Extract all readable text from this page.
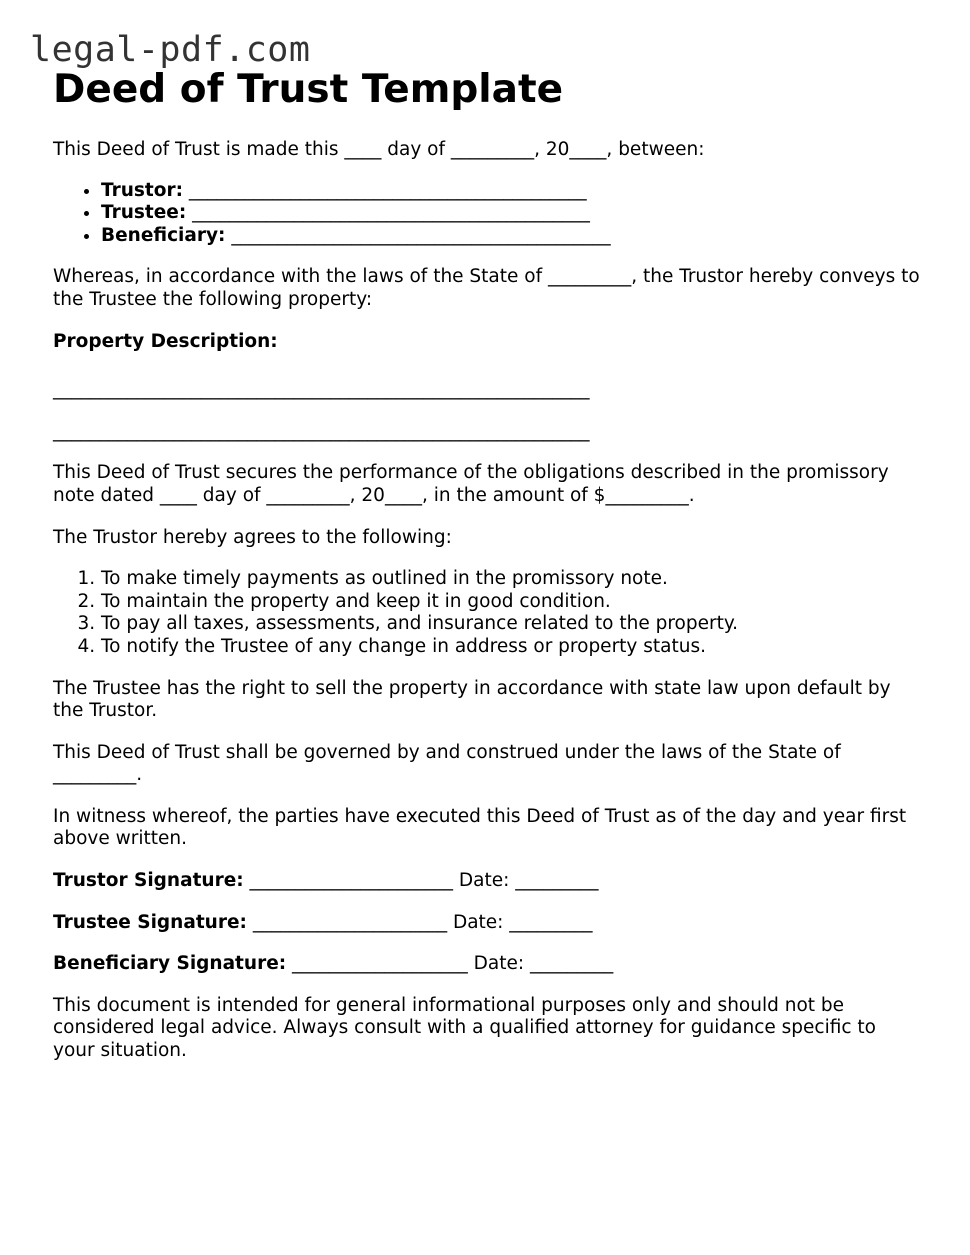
legal-pdf.com
Deed of Trust Template

This Deed of Trust is made this ____ day of _________, 20____, between:

• Trustor: ___________________________________________
• Trustee: ___________________________________________
• Beneficiary: _________________________________________

Whereas, in accordance with the laws of the State of _________, the Trustor hereby conveys to the Trustee the following property:

Property Description:

__________________________________________________________

__________________________________________________________

This Deed of Trust secures the performance of the obligations described in the promissory note dated ____ day of _________, 20____, in the amount of $_________.

The Trustor hereby agrees to the following:

1. To make timely payments as outlined in the promissory note.
2. To maintain the property and keep it in good condition.
3. To pay all taxes, assessments, and insurance related to the property.
4. To notify the Trustee of any change in address or property status.

The Trustee has the right to sell the property in accordance with state law upon default by the Trustor.

This Deed of Trust shall be governed by and construed under the laws of the State of _________.

In witness whereof, the parties have executed this Deed of Trust as of the day and year first above written.

Trustor Signature: ______________________ Date: _________

Trustee Signature: _____________________ Date: _________

Beneficiary Signature: ___________________ Date: _________

This document is intended for general informational purposes only and should not be considered legal advice. Always consult with a qualified attorney for guidance specific to your situation.
